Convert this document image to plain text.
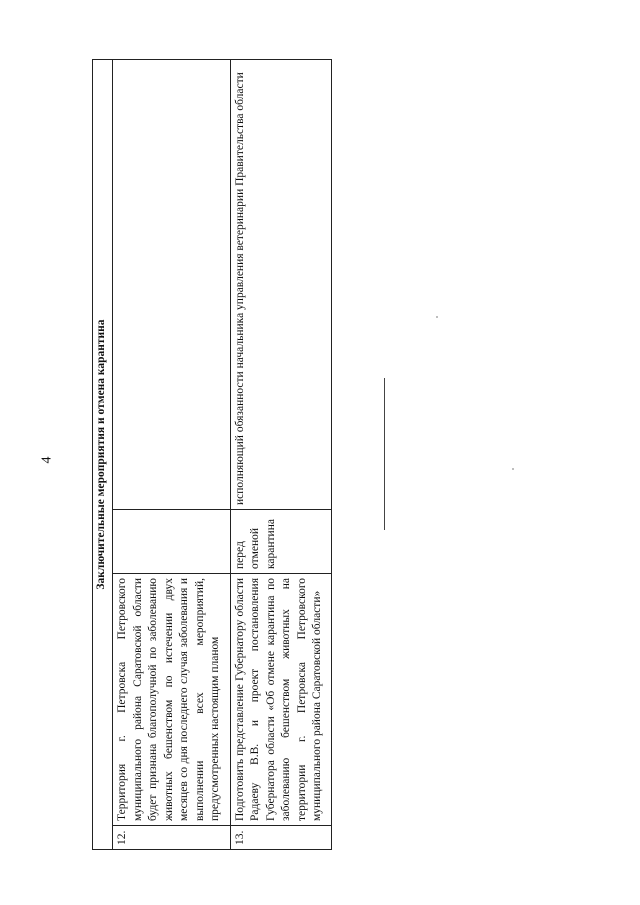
4	Заключительные мероприятия и отмена карантина			
12.	Территория г. Петровска Петровского муниципального района Саратовской области будет признана благополучной по заболеванию животных бешенством по истечении двух месяцев со дня последнего случая заболевания и выполнении всех мероприятий, предусмотренных настоящим планом		
13.	Подготовить представление Губернатору области Радаеву В.В. и проект постановления Губернатора области «Об отмене карантина по заболеванию бешенством животных на территории г. Петровска Петровского муниципального района Саратовской области»	перед отменой карантина	исполняющий обязанности начальника управления ветеринарии Правительства области
